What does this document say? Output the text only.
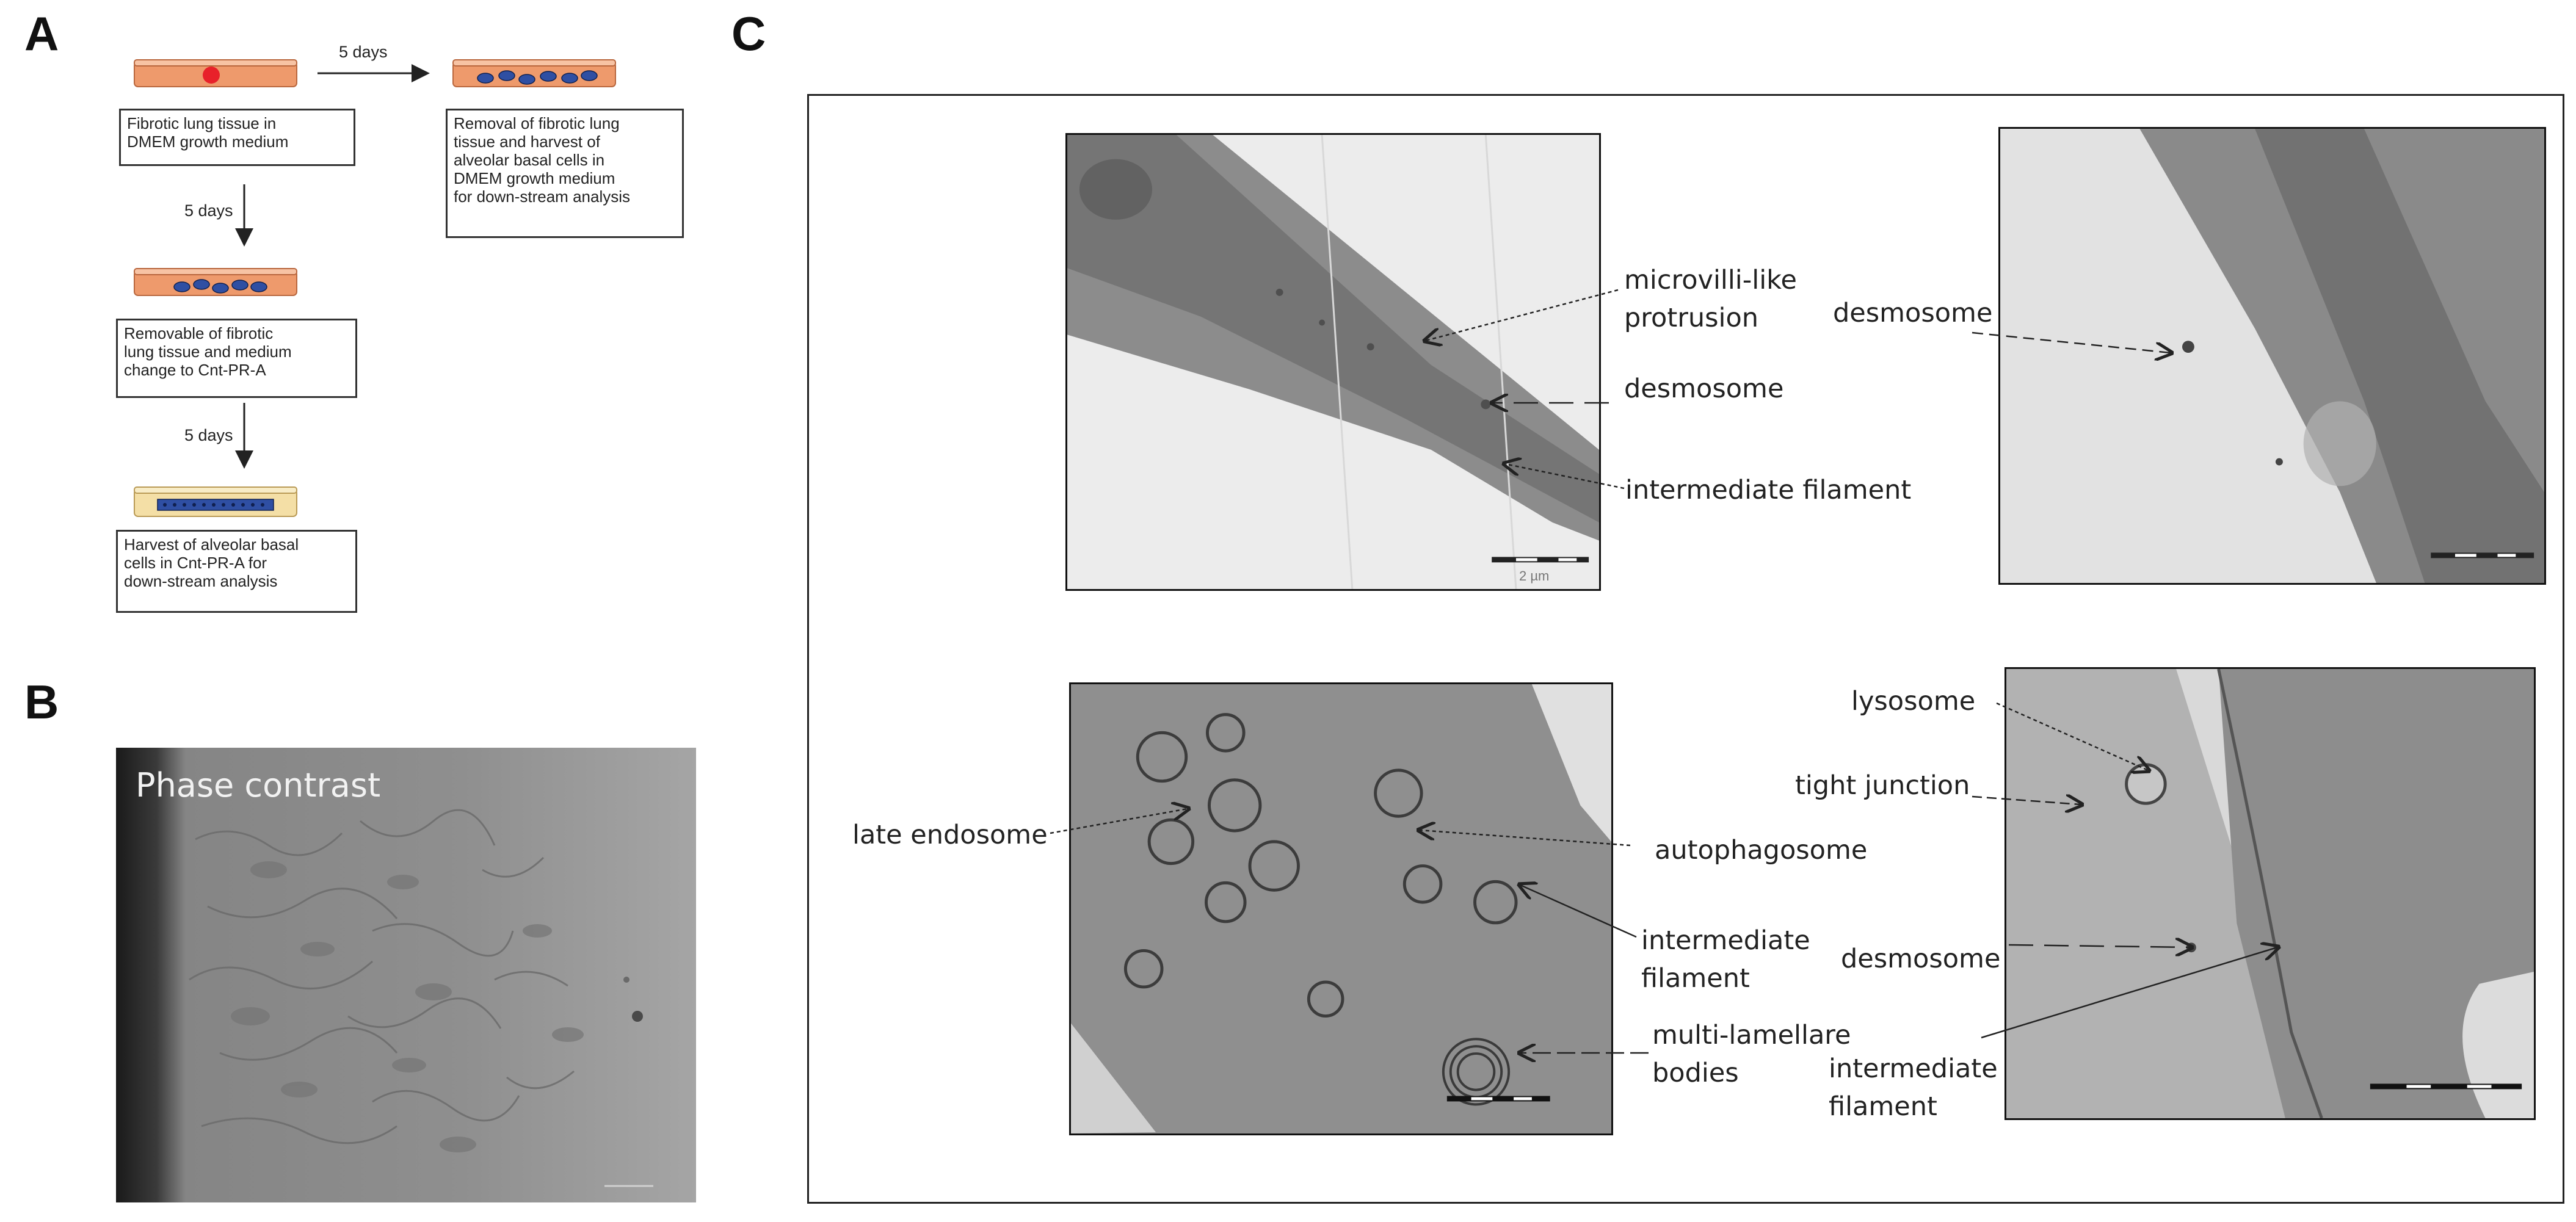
A
Fibrotic lung tissue in
DMEM growth medium
5 days
Removal of fibrotic lung
tissue and harvest of
alveolar basal cells in
DMEM growth medium
for down-stream analysis
5 days
Removable of fibrotic
lung tissue and medium
change to Cnt-PR-A
5 days
Harvest of alveolar basal
cells in Cnt-PR-A for
down-stream analysis
B
Phase contrast
C
2 µm
microvilli-like
protrusion
desmosome
intermediate filament
desmosome
late endosome	autophagosome
intermediate
filament
multi-lamellare
bodies
lysosome
tight junction
desmosome
intermediate
filament
